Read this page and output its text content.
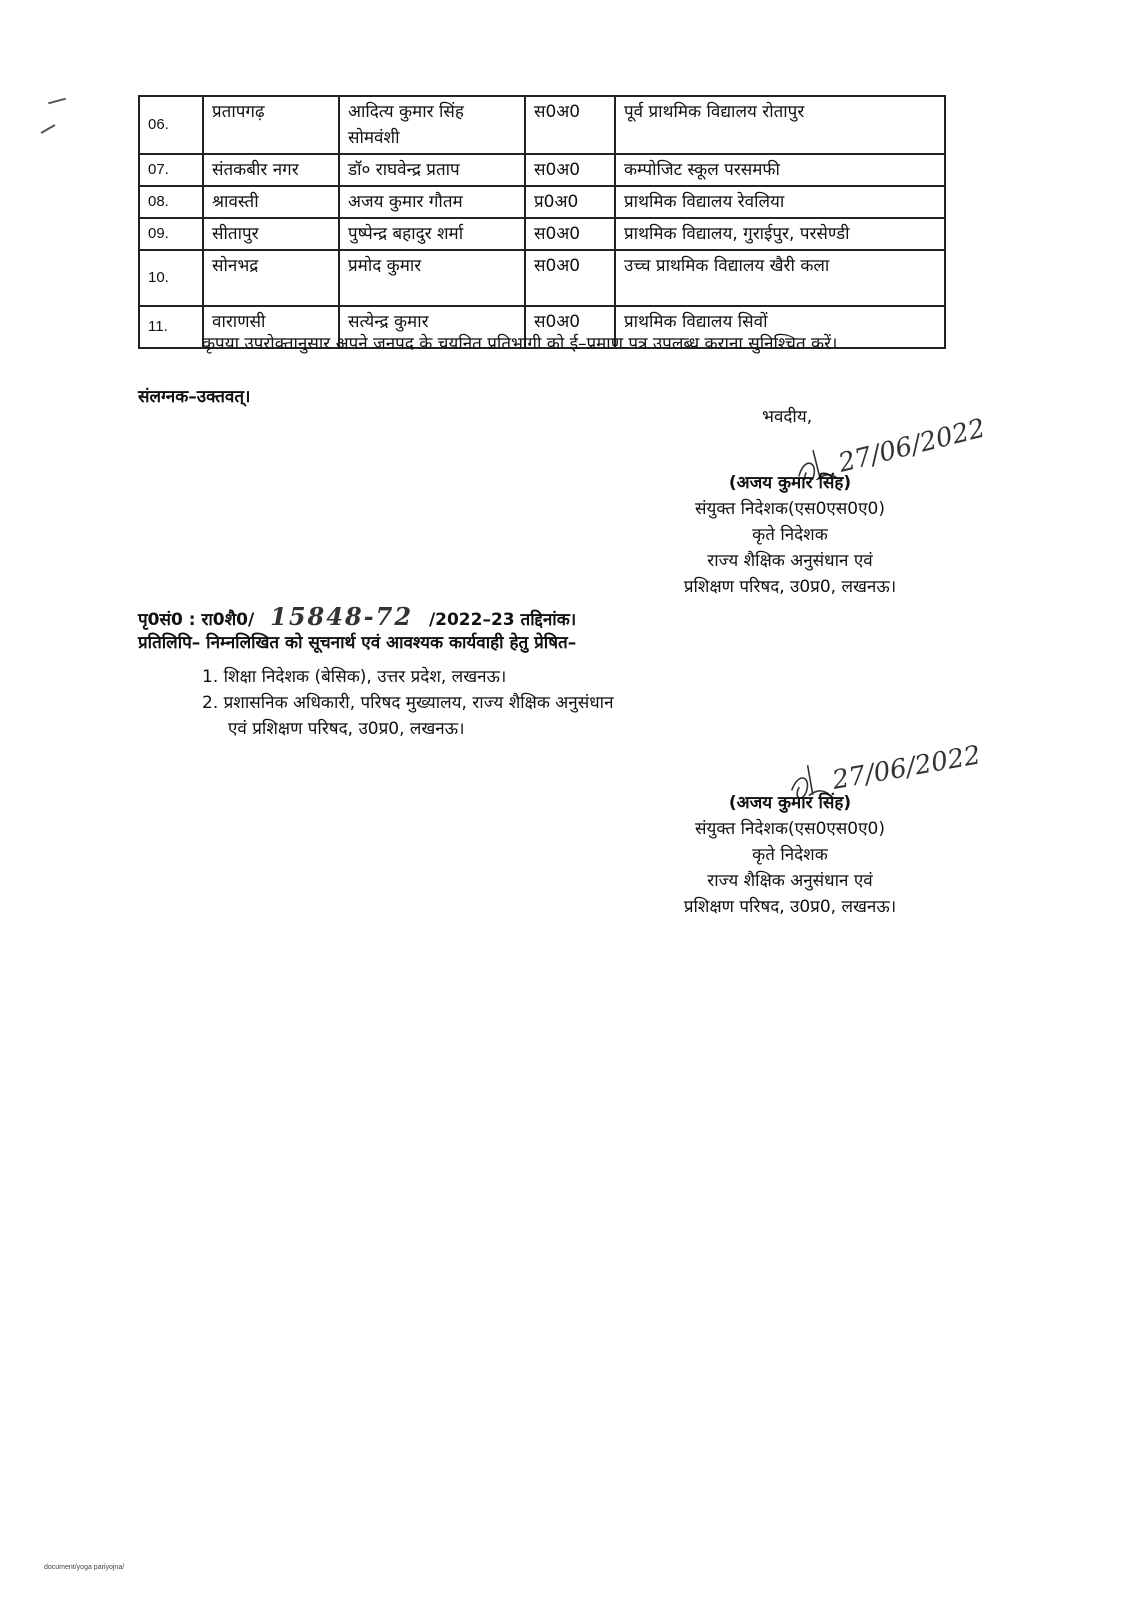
06.	प्रतापगढ़	आदित्य कुमार सिंह सोमवंशी	स0अ0	पूर्व प्राथमिक विद्यालय रोतापुर
07.	संतकबीर नगर	डॉ० राघवेन्द्र प्रताप	स0अ0	कम्पोजिट स्कूल परसमफी
08.	श्रावस्ती	अजय कुमार गौतम	प्र0अ0	प्राथमिक विद्यालय रेवलिया
09.	सीतापुर	पुष्पेन्द्र बहादुर शर्मा	स0अ0	प्राथमिक विद्यालय, गुराईपुर, परसेण्डी
10.	सोनभद्र	प्रमोद कुमार	स0अ0	उच्च प्राथमिक विद्यालय खैरी कला
11.	वाराणसी	सत्येन्द्र कुमार	स0अ0	प्राथमिक विद्यालय सिवों
कृपया उपरोक्तानुसार अपने जनपद के चयनित प्रतिभागी को ई–प्रमाण पत्र उपलब्ध कराना सुनिश्चित करें।
संलग्नक–उक्तवत्।
भवदीय, 27/06/2022
(अजय कुमार सिंह)
संयुक्त निदेशक(एस0एस0ए0)
कृते निदेशक
राज्य शैक्षिक अनुसंधान एवं
प्रशिक्षण परिषद, उ0प्र0, लखनऊ।
पृ0सं0 : रा0शै0/ 15848-72 /2022–23 तद्दिनांक।
प्रतिलिपि– निम्नलिखित को सूचनार्थ एवं आवश्यक कार्यवाही हेतु प्रेषित–
1. शिक्षा निदेशक (बेसिक), उत्तर प्रदेश, लखनऊ।
2. प्रशासनिक अधिकारी, परिषद मुख्यालय, राज्य शैक्षिक अनुसंधान
एवं प्रशिक्षण परिषद, उ0प्र0, लखनऊ।
27/06/2022
(अजय कुमार सिंह)
संयुक्त निदेशक(एस0एस0ए0)
कृते निदेशक
राज्य शैक्षिक अनुसंधान एवं
प्रशिक्षण परिषद, उ0प्र0, लखनऊ।
document/yoga pariyojna/
